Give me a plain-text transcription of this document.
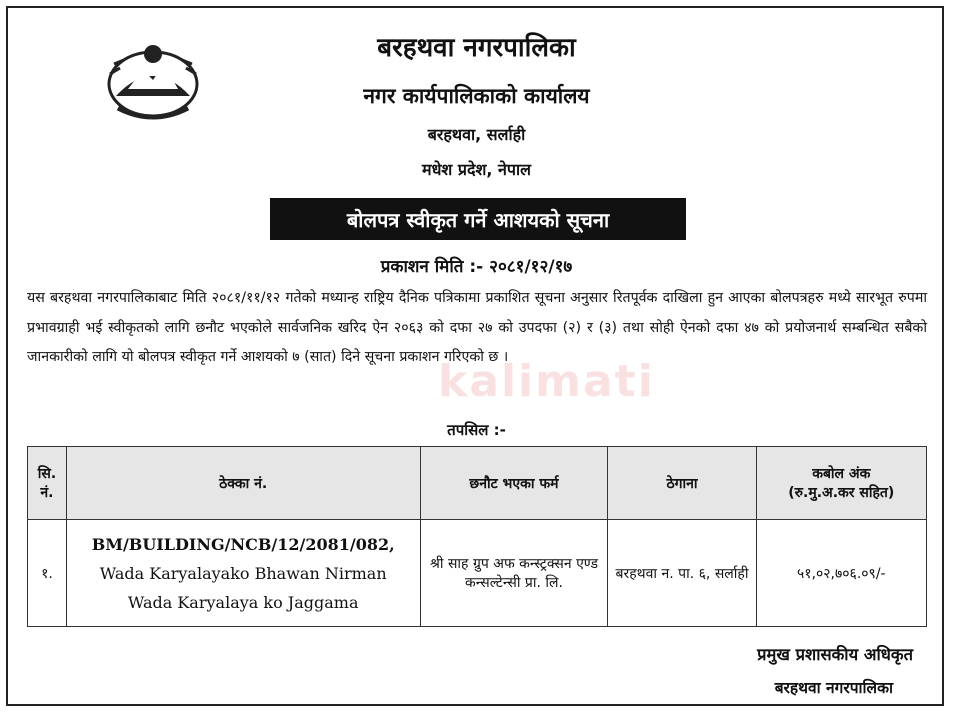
बरहथवा नगरपालिका
नगर कार्यपालिकाको कार्यालय
बरहथवा, सर्लाही
मधेश प्रदेश, नेपाल
बोलपत्र स्वीकृत गर्ने आशयको सूचना
प्रकाशन मिति :- २०८१/१२/१७
यस बरहथवा नगरपालिकाबाट मिति २०८१/११/१२ गतेको मध्यान्ह राष्ट्रिय दैनिक पत्रिकामा प्रकाशित सूचना अनुसार रितपूर्वक दाखिला हुन आएका बोलपत्रहरु मध्ये सारभूत रुपमा प्रभावग्राही भई स्वीकृतको लागि छनौट भएकोले सार्वजनिक खरिद ऐन २०६३ को दफा २७ को उपदफा (२) र (३) तथा सोही ऐनको दफा ४७ को प्रयोजनार्थ सम्बन्धित सबैको जानकारीको लागि यो बोलपत्र स्वीकृत गर्ने आशयको ७ (सात) दिने सूचना प्रकाशन गरिएको छ ।
kalimati
तपसिल :-
सि. नं.	ठेक्का नं.	छनौट भएका फर्म	ठेगाना	कबोल अंक
(रु.मु.अ.कर सहित)

१.	BM/BUILDING/NCB/12/2081/082,
Wada Karyalayako Bhawan Nirman
Wada Karyalaya ko Jaggama	श्री साह ग्रुप अफ कन्स्ट्रक्सन एण्ड कन्सल्टेन्सी प्रा. लि.	बरहथवा न. पा. ६, सर्लाही	५१,०२,७०६.०९/-
प्रमुख प्रशासकीय अधिकृत
बरहथवा नगरपालिका
